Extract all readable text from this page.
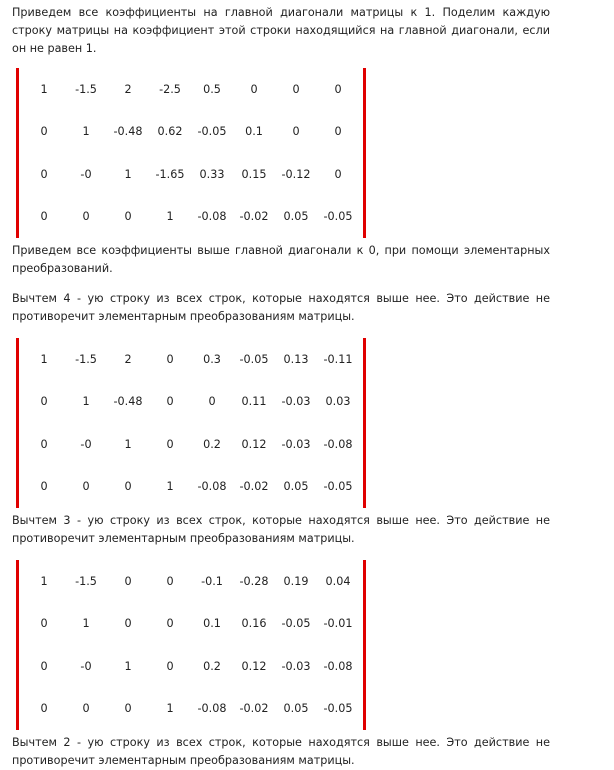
Приведем все коэффициенты на главной диагонали матрицы к 1. Поделим каждую строку матрицы на коэффициент этой строки находящийся на главной диагонали, если он не равен 1.

1	-1.5	2	-2.5	0.5	0	0	0
0	1	-0.48	0.62	-0.05	0.1	0	0
0	-0	1	-1.65	0.33	0.15	-0.12	0
0	0	0	1	-0.08	-0.02	0.05	-0.05

Приведем все коэффициенты выше главной диагонали к 0, при помощи элементарных преобразований.

Вычтем 4 - ую строку из всех строк, которые находятся выше нее. Это действие не противоречит элементарным преобразованиям матрицы.

1	-1.5	2	0	0.3	-0.05	0.13	-0.11
0	1	-0.48	0	0	0.11	-0.03	0.03
0	-0	1	0	0.2	0.12	-0.03	-0.08
0	0	0	1	-0.08	-0.02	0.05	-0.05

Вычтем 3 - ую строку из всех строк, которые находятся выше нее. Это действие не противоречит элементарным преобразованиям матрицы.

1	-1.5	0	0	-0.1	-0.28	0.19	0.04
0	1	0	0	0.1	0.16	-0.05	-0.01
0	-0	1	0	0.2	0.12	-0.03	-0.08
0	0	0	1	-0.08	-0.02	0.05	-0.05

Вычтем 2 - ую строку из всех строк, которые находятся выше нее. Это действие не противоречит элементарным преобразованиям матрицы.
